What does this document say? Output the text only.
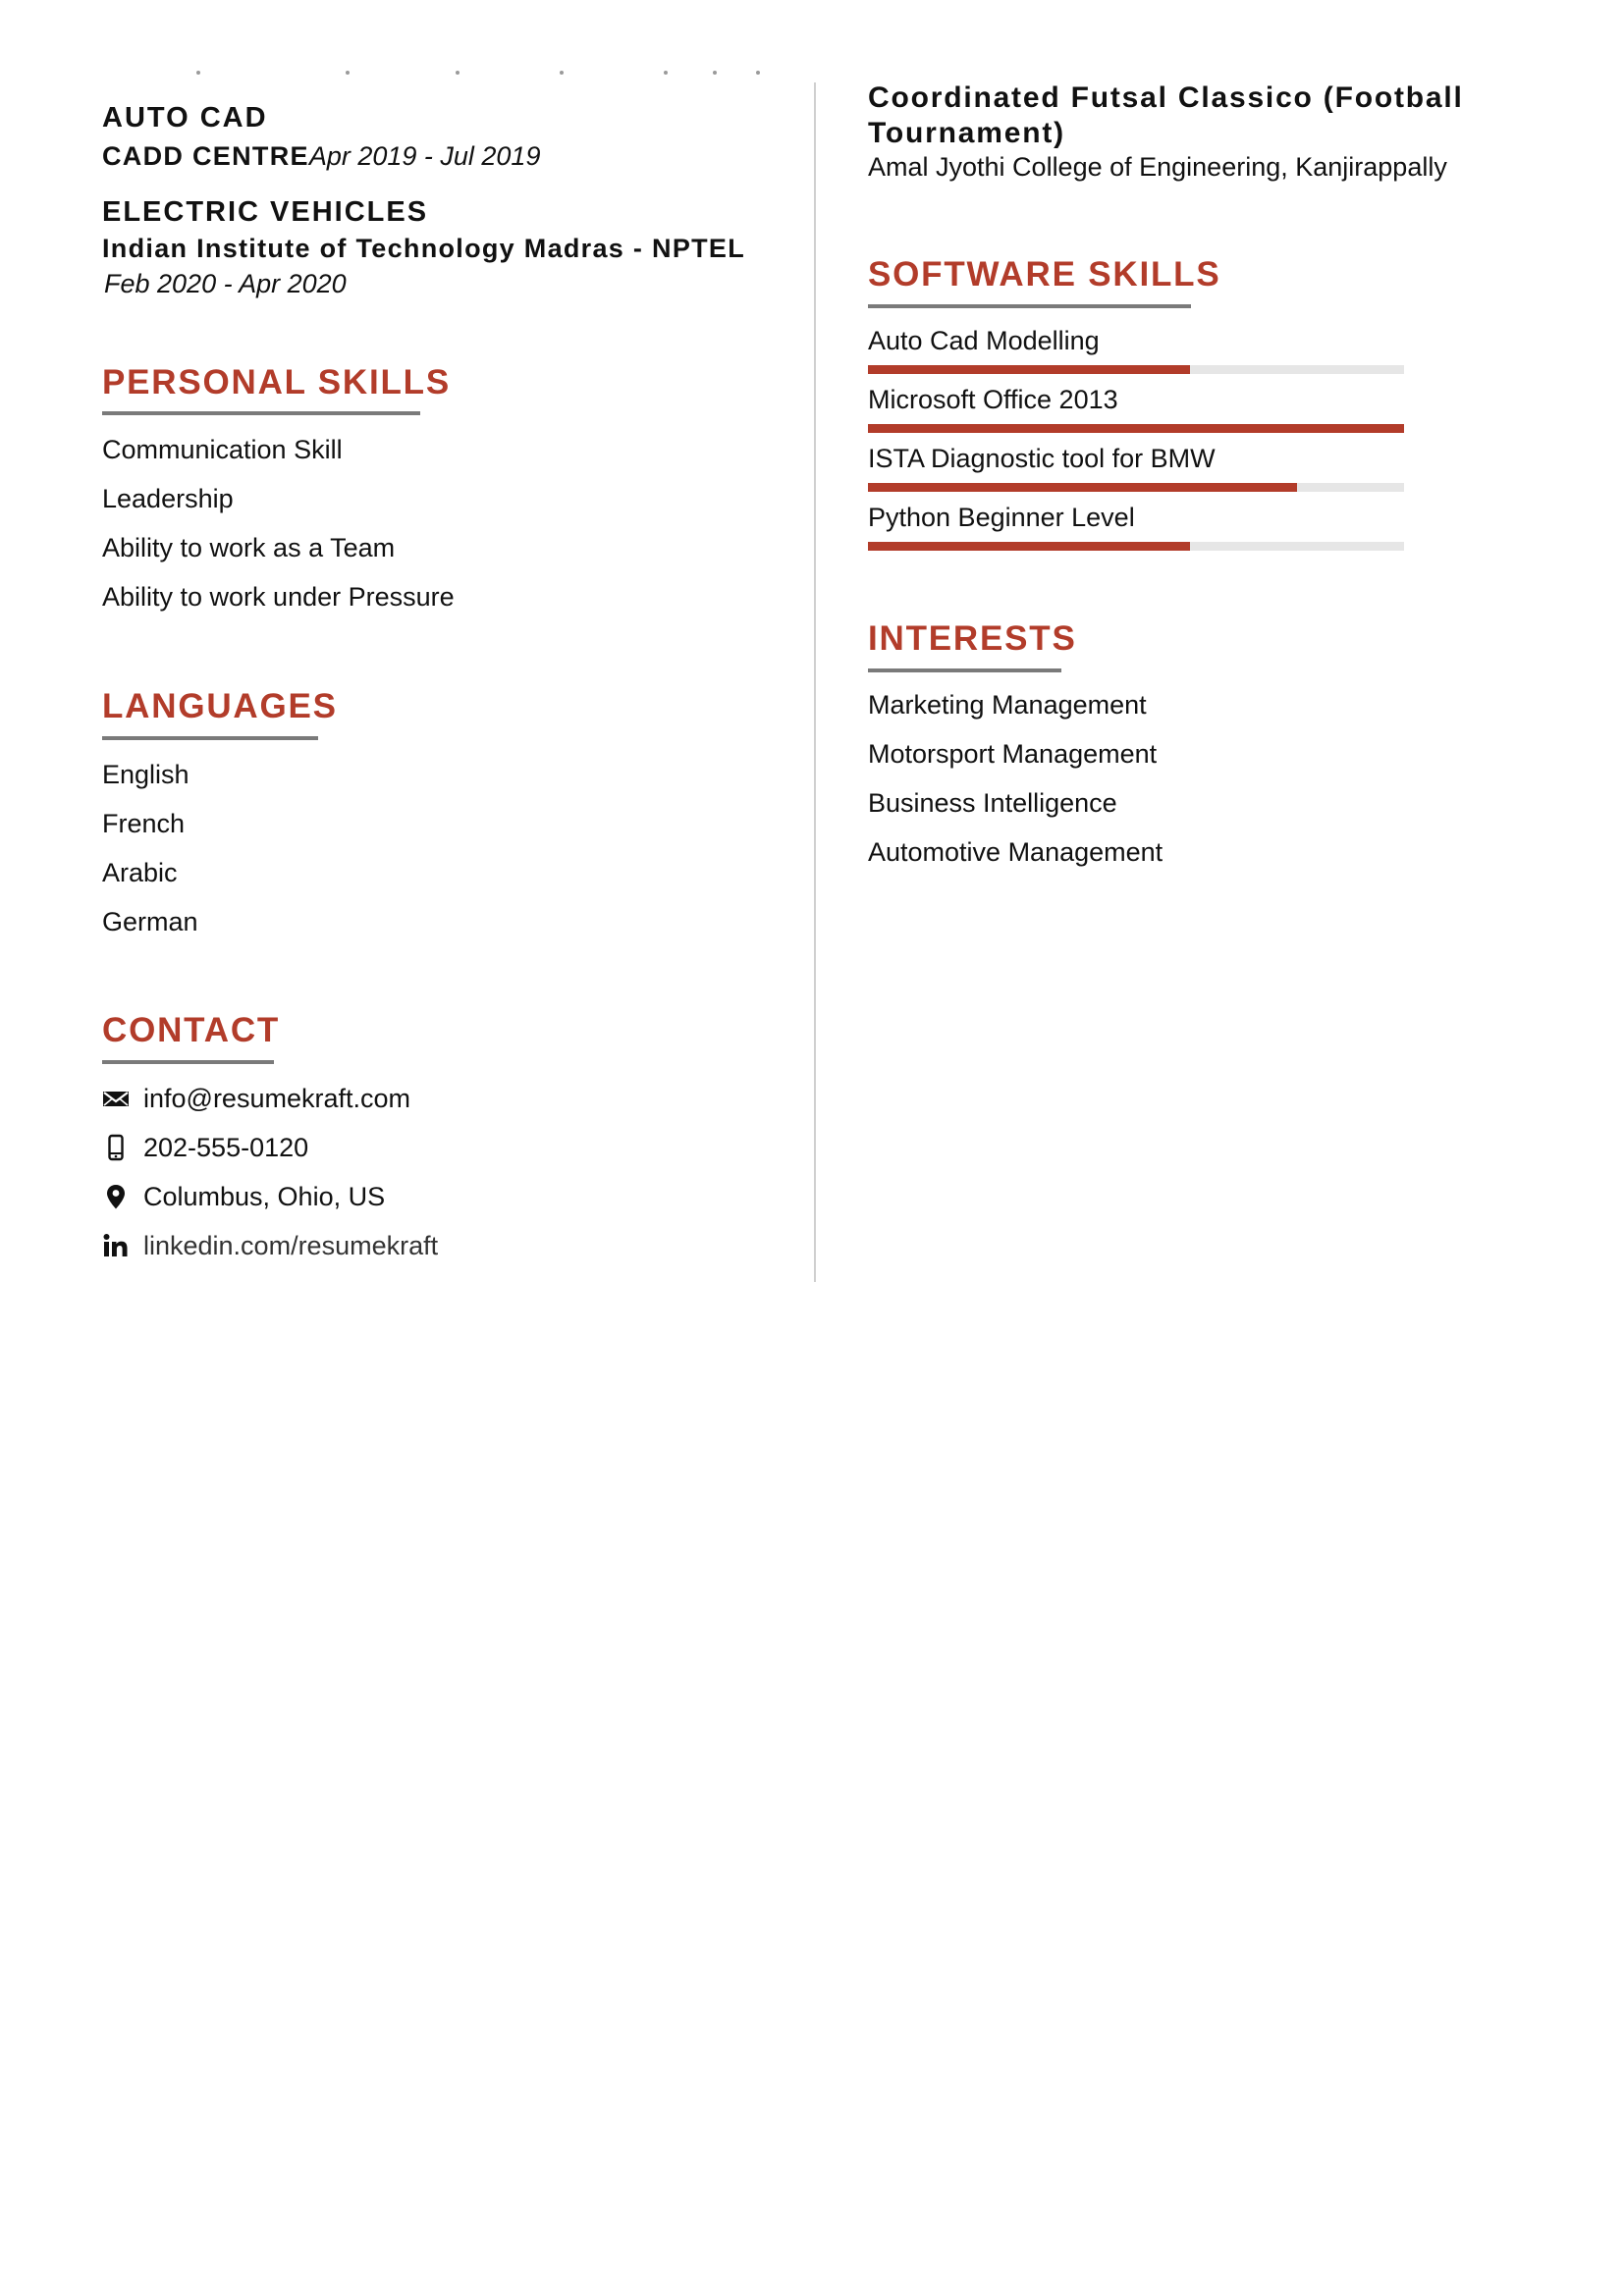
AUTO CAD
CADD CENTREApr 2019 - Jul 2019
ELECTRIC VEHICLES
Indian Institute of Technology Madras - NPTEL
Feb 2020 - Apr 2020
PERSONAL SKILLS
Communication Skill
Leadership
Ability to work as a Team
Ability to work under Pressure
LANGUAGES
English
French
Arabic
German
CONTACT
info@resumekraft.com
202-555-0120
Columbus, Ohio, US
linkedin.com/resumekraft
Coordinated Futsal Classico (Football Tournament)
Amal Jyothi College of Engineering, Kanjirappally
SOFTWARE SKILLS
Auto Cad Modelling
Microsoft Office 2013
ISTA Diagnostic tool for BMW
Python Beginner Level
INTERESTS
Marketing Management
Motorsport Management
Business Intelligence
Automotive Management
